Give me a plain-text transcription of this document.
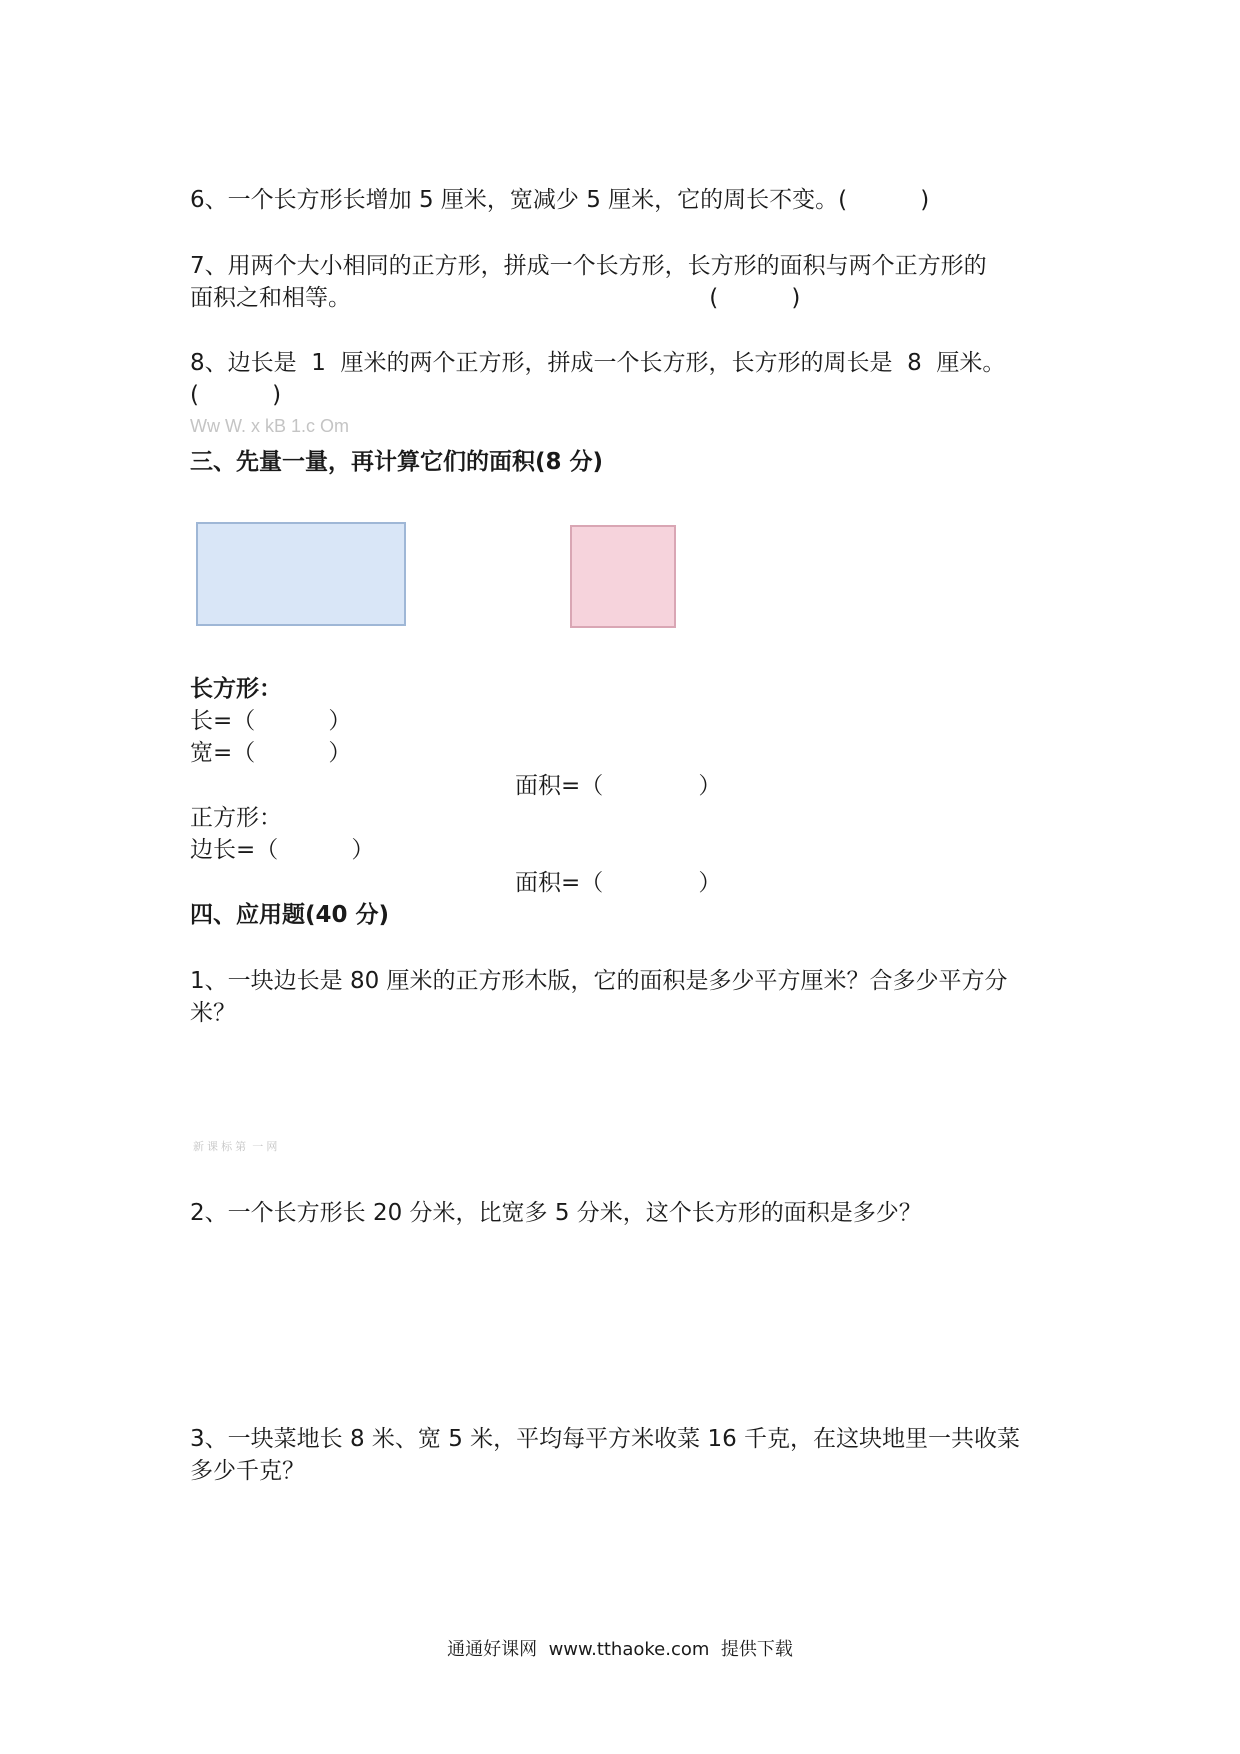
6、一个长方形长增加 5 厘米，宽减少 5 厘米，它的周长不变。(          )
7、用两个大小相同的正方形，拼成一个长方形，长方形的面积与两个正方形的
面积之和相等。                                                 (          )
8、边长是  1  厘米的两个正方形，拼成一个长方形，长方形的周长是  8  厘米。
(          )
Ww W. x kB 1.c Om
三、先量一量，再计算它们的面积(8 分)
长方形：
长=（          ）
宽=（          ）
面积=（             ）
正方形：
边长=（          ）
面积=（             ）
四、应用题(40 分)
1、一块边长是 80 厘米的正方形木版，它的面积是多少平方厘米？合多少平方分
米？
新 课 标 第  一 网
2、一个长方形长 20 分米，比宽多 5 分米，这个长方形的面积是多少？
3、一块菜地长 8 米、宽 5 米，平均每平方米收菜 16 千克，在这块地里一共收菜
多少千克？
通通好课网  www.tthaoke.com  提供下载
